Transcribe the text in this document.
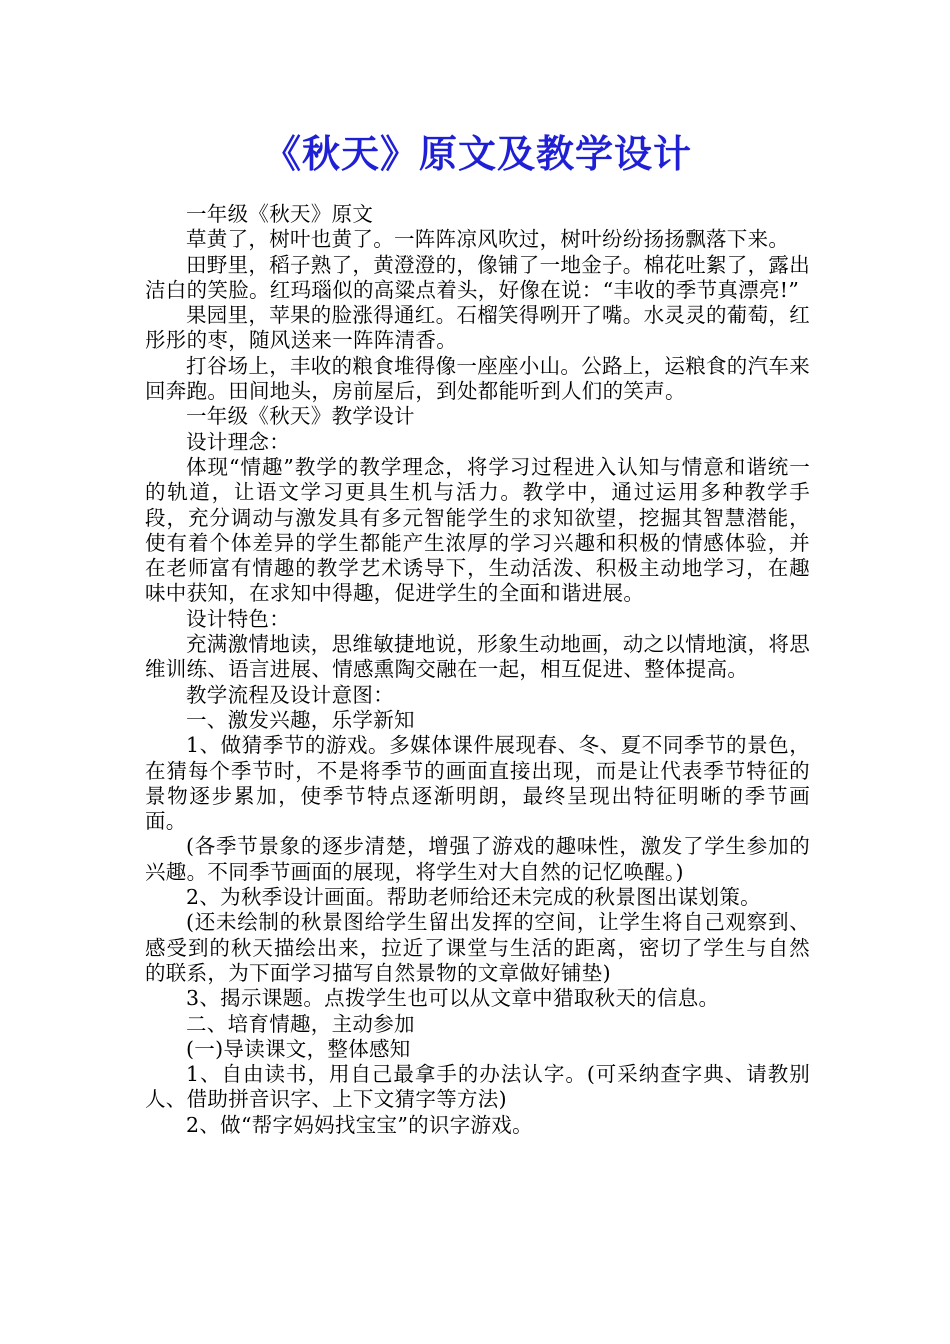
《秋天》原文及教学设计

一年级《秋天》原文

草黄了，树叶也黄了。一阵阵凉风吹过，树叶纷纷扬扬飘落下来。

田野里，稻子熟了，黄澄澄的，像铺了一地金子。棉花吐絮了，露出洁白的笑脸。红玛瑙似的高粱点着头，好像在说：“丰收的季节真漂亮!”

果园里，苹果的脸涨得通红。石榴笑得咧开了嘴。水灵灵的葡萄，红彤彤的枣，随风送来一阵阵清香。

打谷场上，丰收的粮食堆得像一座座小山。公路上，运粮食的汽车来回奔跑。田间地头，房前屋后，到处都能听到人们的笑声。

一年级《秋天》教学设计

设计理念：

体现“情趣”教学的教学理念，将学习过程进入认知与情意和谐统一的轨道，让语文学习更具生机与活力。教学中，通过运用多种教学手段，充分调动与激发具有多元智能学生的求知欲望，挖掘其智慧潜能，使有着个体差异的学生都能产生浓厚的学习兴趣和积极的情感体验，并在老师富有情趣的教学艺术诱导下，生动活泼、积极主动地学习，在趣味中获知，在求知中得趣，促进学生的全面和谐进展。

设计特色：

充满激情地读，思维敏捷地说，形象生动地画，动之以情地演，将思维训练、语言进展、情感熏陶交融在一起，相互促进、整体提高。

教学流程及设计意图：

一、激发兴趣，乐学新知

1、做猜季节的游戏。多媒体课件展现春、冬、夏不同季节的景色，在猜每个季节时，不是将季节的画面直接出现，而是让代表季节特征的景物逐步累加，使季节特点逐渐明朗，最终呈现出特征明晰的季节画面。

(各季节景象的逐步清楚，增强了游戏的趣味性，激发了学生参加的兴趣。不同季节画面的展现，将学生对大自然的记忆唤醒。)

2、为秋季设计画面。帮助老师给还未完成的秋景图出谋划策。

(还未绘制的秋景图给学生留出发挥的空间，让学生将自己观察到、感受到的秋天描绘出来，拉近了课堂与生活的距离，密切了学生与自然的联系，为下面学习描写自然景物的文章做好铺垫)

3、揭示课题。点拨学生也可以从文章中猎取秋天的信息。

二、培育情趣，主动参加

(一)导读课文，整体感知

1、自由读书，用自己最拿手的办法认字。(可采纳查字典、请教别人、借助拼音识字、上下文猜字等方法)

2、做“帮字妈妈找宝宝”的识字游戏。
